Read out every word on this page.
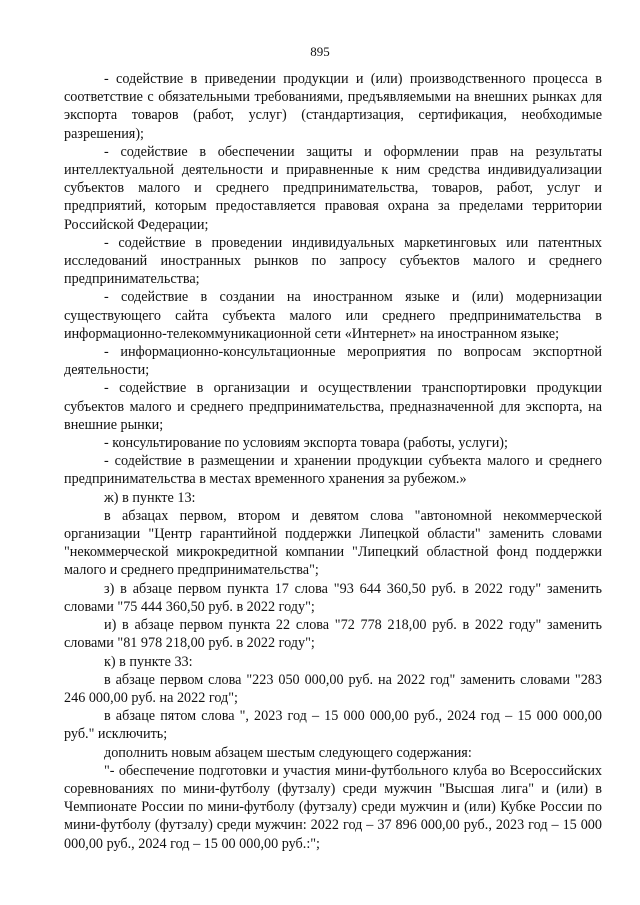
895

- содействие в приведении продукции и (или) производственного процесса в соответствие с обязательными требованиями, предъявляемыми на внешних рынках для экспорта товаров (работ, услуг) (стандартизация, сертификация, необходимые разрешения);

- содействие в обеспечении защиты и оформлении прав на результаты интеллектуальной деятельности и приравненные к ним средства индивидуализации субъектов малого и среднего предпринимательства, товаров, работ, услуг и предприятий, которым предоставляется правовая охрана за пределами территории Российской Федерации;

- содействие в проведении индивидуальных маркетинговых или патентных исследований иностранных рынков по запросу субъектов малого и среднего предпринимательства;

- содействие в создании на иностранном языке и (или) модернизации существующего сайта субъекта малого или среднего предпринимательства в информационно-телекоммуникационной сети «Интернет» на иностранном языке;

- информационно-консультационные мероприятия по вопросам экспортной деятельности;

- содействие в организации и осуществлении транспортировки продукции субъектов малого и среднего предпринимательства, предназначенной для экспорта, на внешние рынки;

- консультирование по условиям экспорта товара (работы, услуги);

- содействие в размещении и хранении продукции субъекта малого и среднего предпринимательства в местах временного хранения за рубежом.»

ж) в пункте 13:

в абзацах первом, втором и девятом слова "автономной некоммерческой организации "Центр гарантийной поддержки Липецкой области" заменить словами "некоммерческой микрокредитной компании "Липецкий областной фонд поддержки малого и среднего предпринимательства";

з) в абзаце первом пункта 17 слова "93 644 360,50 руб. в 2022 году" заменить словами "75 444 360,50 руб. в 2022 году";

и) в абзаце первом пункта 22 слова "72 778 218,00 руб. в 2022 году" заменить словами "81 978 218,00 руб. в 2022 году";

к) в пункте 33:

в абзаце первом слова "223 050 000,00 руб. на 2022 год" заменить словами "283 246 000,00 руб. на 2022 год";

в абзаце пятом слова ", 2023 год – 15 000 000,00 руб., 2024 год – 15 000 000,00 руб." исключить;

дополнить новым абзацем шестым следующего содержания:

"- обеспечение подготовки и участия мини-футбольного клуба во Всероссийских соревнованиях по мини-футболу (футзалу) среди мужчин "Высшая лига" и (или) в Чемпионате России по мини-футболу (футзалу) среди мужчин и (или) Кубке России по мини-футболу (футзалу) среди мужчин: 2022 год – 37 896 000,00 руб., 2023 год – 15 000 000,00 руб., 2024 год – 15 00 000,00 руб.:";
